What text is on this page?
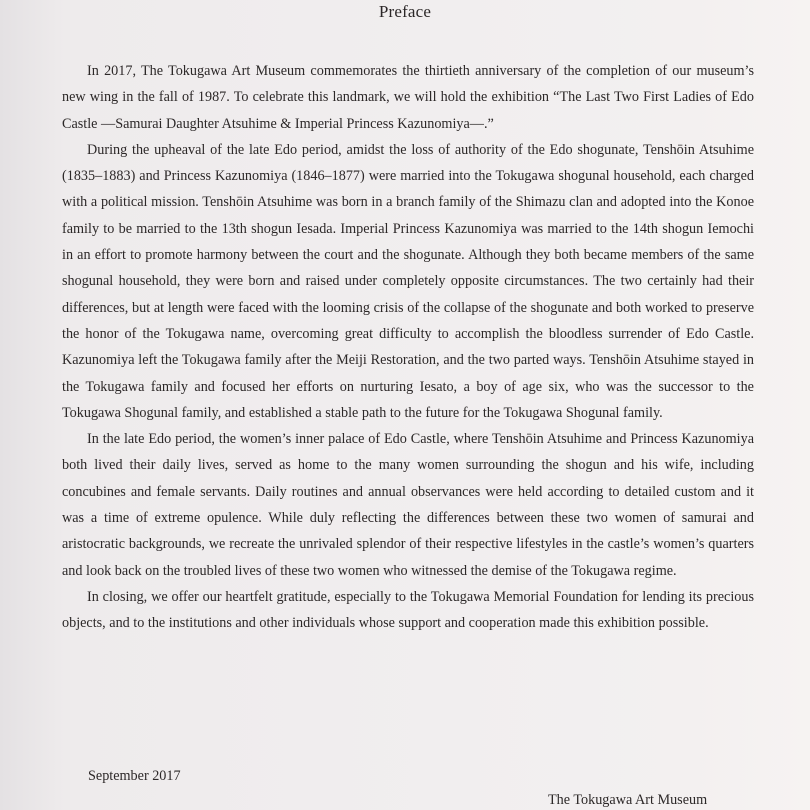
Preface

In 2017, The Tokugawa Art Museum commemorates the thirtieth anniversary of the completion of our museum’s new wing in the fall of 1987. To celebrate this landmark, we will hold the exhibition “The Last Two First Ladies of Edo Castle —Samurai Daughter Atsuhime & Imperial Princess Kazunomiya—.”

During the upheaval of the late Edo period, amidst the loss of authority of the Edo shogunate, Tenshōin Atsuhime (1835–1883) and Princess Kazunomiya (1846–1877) were married into the Tokugawa shogunal household, each charged with a political mission. Tenshōin Atsuhime was born in a branch family of the Shimazu clan and adopted into the Konoe family to be married to the 13th shogun Iesada. Imperial Princess Kazunomiya was married to the 14th shogun Iemochi in an effort to promote harmony between the court and the shogunate. Although they both became members of the same shogunal household, they were born and raised under completely opposite circumstances. The two certainly had their differences, but at length were faced with the looming crisis of the collapse of the shogunate and both worked to preserve the honor of the Tokugawa name, overcoming great difficulty to accomplish the bloodless surrender of Edo Castle. Kazunomiya left the Tokugawa family after the Meiji Restoration, and the two parted ways. Tenshōin Atsuhime stayed in the Tokugawa family and focused her efforts on nurturing Iesato, a boy of age six, who was the successor to the Tokugawa Shogunal family, and established a stable path to the future for the Tokugawa Shogunal family.

In the late Edo period, the women’s inner palace of Edo Castle, where Tenshōin Atsuhime and Princess Kazunomiya both lived their daily lives, served as home to the many women surrounding the shogun and his wife, including concubines and female servants. Daily routines and annual observances were held according to detailed custom and it was a time of extreme opulence. While duly reflecting the differences between these two women of samurai and aristocratic backgrounds, we recreate the unrivaled splendor of their respective lifestyles in the castle’s women’s quarters and look back on the troubled lives of these two women who witnessed the demise of the Tokugawa regime.

In closing, we offer our heartfelt gratitude, especially to the Tokugawa Memorial Foundation for lending its precious objects, and to the institutions and other individuals whose support and cooperation made this exhibition possible.

September 2017
The Tokugawa Art Museum
